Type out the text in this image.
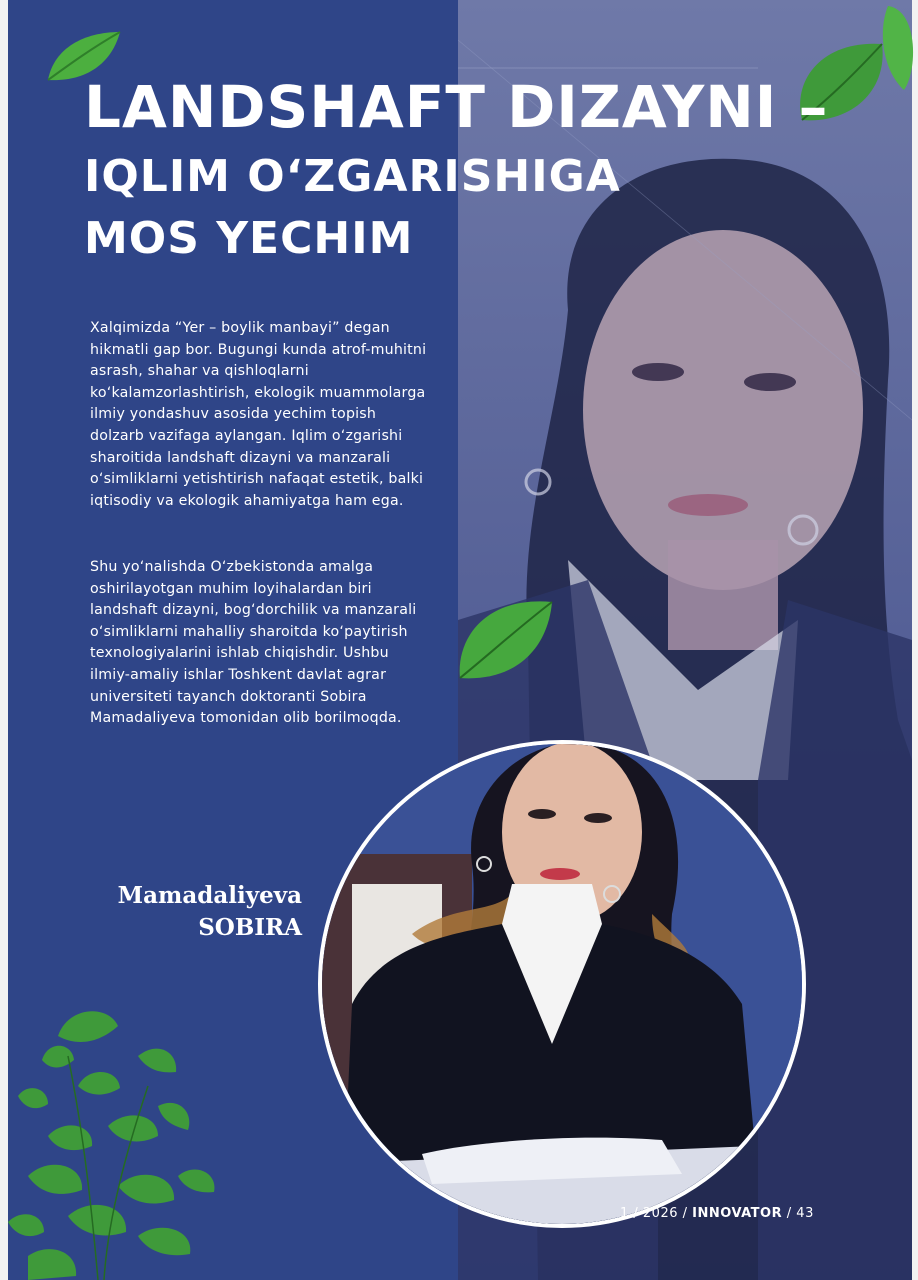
LANDSHAFT DIZAYNI –
IQLIM O‘ZGARISHIGA
MOS YECHIM

Xalqimizda “Yer – boylik manbayi” degan hikmatli gap bor. Bugungi kunda atrof-muhitni asrash, shahar va qishloqlarni ko‘kalamzorlashtirish, ekologik muammolarga ilmiy yondashuv asosida yechim topish dolzarb vazifaga aylangan. Iqlim o‘zgarishi sharoitida landshaft dizayni va manzarali o‘simliklarni yetishtirish nafaqat estetik, balki iqtisodiy va ekologik ahamiyatga ham ega.

Shu yo‘nalishda O‘zbekistonda amalga oshirilayotgan muhim loyihalardan biri landshaft dizayni, bog‘dorchilik va manzarali o‘simliklarni mahalliy sharoitda ko‘paytirish texnologiyalarini ishlab chiqishdir. Ushbu ilmiy-amaliy ishlar Toshkent davlat agrar universiteti tayanch doktoranti Sobira Mamadaliyeva tomonidan olib borilmoqda.

Mamadaliyeva
SOBIRA
1 / 2026 / INNOVATOR / 43
